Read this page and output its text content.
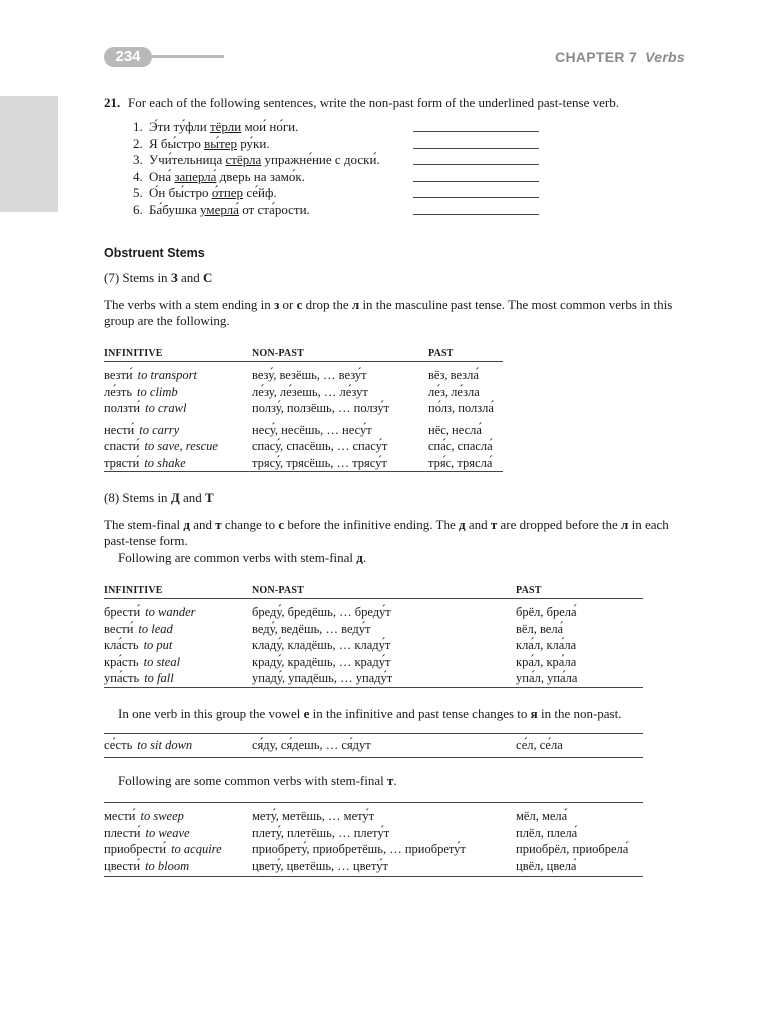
234	CHAPTER 7 Verbs
21. For each of the following sentences, write the non-past form of the underlined past-tense verb.
1. Э́ти ту́фли тёрли мои́ но́ги.
2. Я бы́стро вы́тер ру́ки.
3. Учи́тельница стёрла упражне́ние с доски́.
4. Она́ заперла́ дверь на замо́к.
5. О́н бы́стро о́тпер се́йф.
6. Ба́бушка умерла́ от ста́рости.
Obstruent Stems
(7) Stems in З and С
The verbs with a stem ending in з or с drop the л in the masculine past tense. The most common verbs in this group are the following.
INFINITIVE	NON-PAST	PAST
везти́ to transport	везу́, везёшь, … везу́т	вёз, везла́
ле́зть to climb	ле́зу, ле́зешь, … ле́зут	ле́з, ле́зла
ползти́ to crawl	ползу́, ползёшь, … ползу́т	по́лз, ползла́
нести́ to carry	несу́, несёшь, … несу́т	нёс, несла́
спасти́ to save, rescue	спасу́, спасёшь, … спасу́т	спа́с, спасла́
трясти́ to shake	трясу́, трясёшь, … трясу́т	тря́с, трясла́
(8) Stems in Д and Т
The stem-final д and т change to с before the infinitive ending. The д and т are dropped before the л in each past-tense form.
Following are common verbs with stem-final д.
INFINITIVE	NON-PAST	PAST
брести́ to wander	бреду́, бредёшь, … бреду́т	брёл, брела́
вести́ to lead	веду́, ведёшь, … веду́т	вёл, вела́
кла́сть to put	кладу́, кладёшь, … кладу́т	кла́л, кла́ла
кра́сть to steal	краду́, крадёшь, … краду́т	кра́л, кра́ла
упа́сть to fall	упаду́, упадёшь, … упаду́т	упа́л, упа́ла
In one verb in this group the vowel е in the infinitive and past tense changes to я in the non-past.
се́сть to sit down	ся́ду, ся́дешь, … ся́дут	се́л, се́ла
Following are some common verbs with stem-final т.
мести́ to sweep	мету́, метёшь, … мету́т	мёл, мела́
плести́ to weave	плету́, плетёшь, … плету́т	плёл, плела́
приобрести́ to acquire	приобрету́, приобретёшь, … приобрету́т	приобрёл, приобрела́
цвести́ to bloom	цвету́, цветёшь, … цвету́т	цвёл, цвела́
